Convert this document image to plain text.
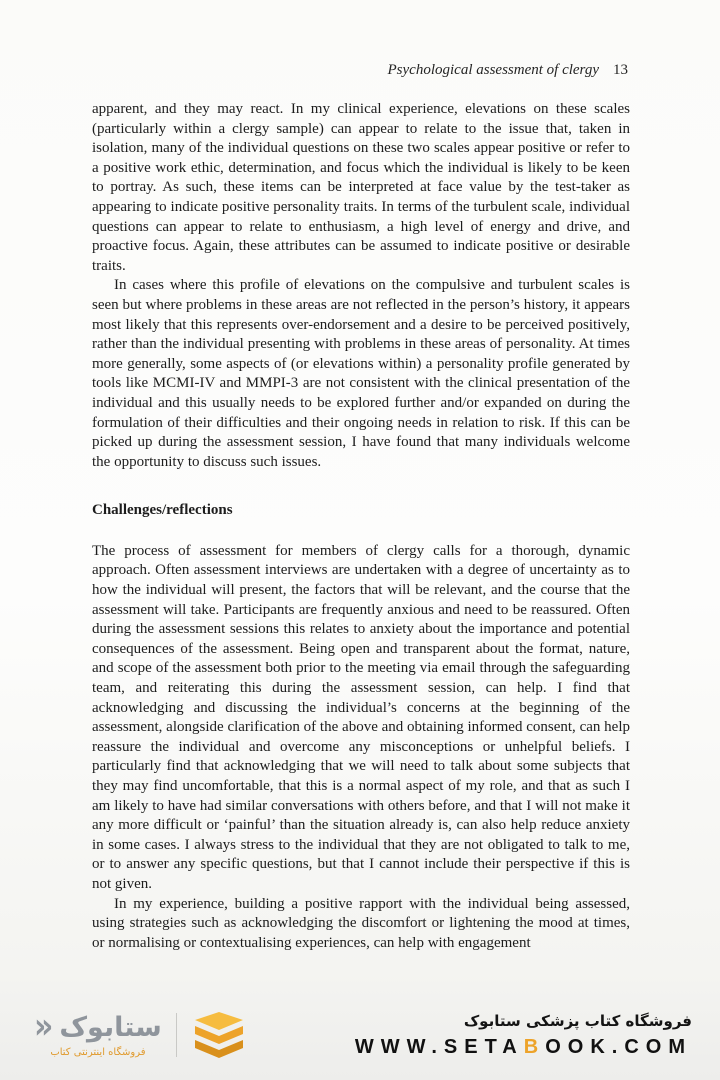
Psychological assessment of clergy 13

apparent, and they may react. In my clinical experience, elevations on these scales (particularly within a clergy sample) can appear to relate to the issue that, taken in isolation, many of the individual questions on these two scales appear positive or refer to a positive work ethic, determination, and focus which the individual is likely to be keen to portray. As such, these items can be interpreted at face value by the test-taker as appearing to indicate positive personality traits. In terms of the turbulent scale, individual questions can appear to relate to enthusiasm, a high level of energy and drive, and proactive focus. Again, these attributes can be assumed to indicate positive or desirable traits.

In cases where this profile of elevations on the compulsive and turbulent scales is seen but where problems in these areas are not reflected in the person’s history, it appears most likely that this represents over-endorsement and a desire to be perceived positively, rather than the individual presenting with problems in these areas of personality. At times more generally, some aspects of (or elevations within) a personality profile generated by tools like MCMI-IV and MMPI-3 are not consistent with the clinical presentation of the individual and this usually needs to be explored further and/or expanded on during the formulation of their difficulties and their ongoing needs in relation to risk. If this can be picked up during the assessment session, I have found that many individuals welcome the opportunity to discuss such issues.

Challenges/reflections

The process of assessment for members of clergy calls for a thorough, dynamic approach. Often assessment interviews are undertaken with a degree of uncertainty as to how the individual will present, the factors that will be relevant, and the course that the assessment will take. Participants are frequently anxious and need to be reassured. Often during the assessment sessions this relates to anxiety about the importance and potential consequences of the assessment. Being open and transparent about the format, nature, and scope of the assessment both prior to the meeting via email through the safeguarding team, and reiterating this during the assessment session, can help. I find that acknowledging and discussing the individual’s concerns at the beginning of the assessment, alongside clarification of the above and obtaining informed consent, can help reassure the individual and overcome any misconceptions or unhelpful beliefs. I particularly find that acknowledging that we will need to talk about some subjects that they may find uncomfortable, that this is a normal aspect of my role, and that as such I am likely to have had similar conversations with others before, and that I will not make it any more difficult or ‘painful’ than the situation already is, can also help reduce anxiety in some cases. I always stress to the individual that they are not obligated to talk to me, or to answer any specific questions, but that I cannot include their perspective if this is not given.

In my experience, building a positive rapport with the individual being assessed, using strategies such as acknowledging the discomfort or lightening the mood at times, or normalising or contextualising experiences, can help with engagement

ستابوک
«
فروشگاه اینترنتی کتاب
فروشگاه کتاب پزشکی ستابوک
WWW.SETABOOK.COM
